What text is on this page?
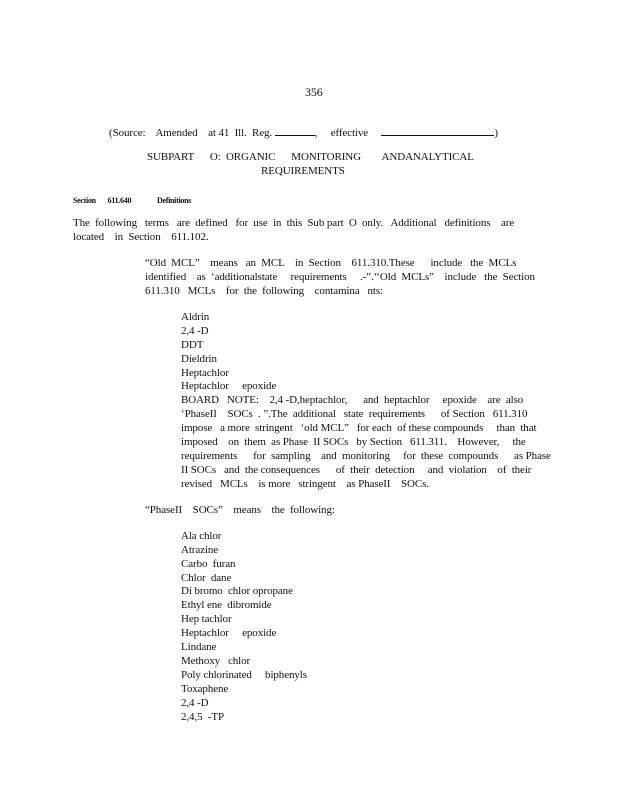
356
(Source:    Amended    at 41  Ill.  Reg.	, effective	)
SUBPART      O:  ORGANIC      MONITORING        ANDANALYTICAL
REQUIREMENTS
Section       611.640	Definitions
The  following   terms   are  defined   for  use  in  this  Sub part  O  only.   Additional   definitions    are
located    in  Section    611.102.
“Old  MCL”    means   an  MCL    in  Section    611.310.These      include   the  MCLs
identified    as  ‘additionalstate     requirements     .-”.‘‘Old  MCLs”    include   the  Section
611.310   MCLs    for  the  following    contamina   nts:
Aldrin
2,4 -D
DDT
Dieldrin
Heptachlor
Heptachlor     epoxide
BOARD   NOTE:    2,4 -D,heptachlor,      and  heptachlor     epoxide    are  also
‘PhaseII    SOCs  . ”.The  additional   state  requirements      of Section   611.310
impose   a more  stringent   ‘old MCL”   for each  of these compounds     than  that
imposed    on  them  as Phase  II SOCs   by Section   611.311.    However,     the
requirements      for  sampling    and  monitoring     for  these  compounds      as Phase
II SOCs   and  the consequences      of  their  detection     and  violation    of  their
revised   MCLs    is more   stringent    as PhaseII    SOCs.
“PhaseII    SOCs”    means    the  following:
Ala chlor
Atrazine
Carbo  furan
Chlor  dane
Di bromo  chlor opropane
Ethyl ene  dibromide
Hep tachlor
Heptachlor     epoxide
Lindane
Methoxy   chlor
Poly chlorinated     biphenyls
Toxaphene
2,4 -D
2,4,5  -TP
